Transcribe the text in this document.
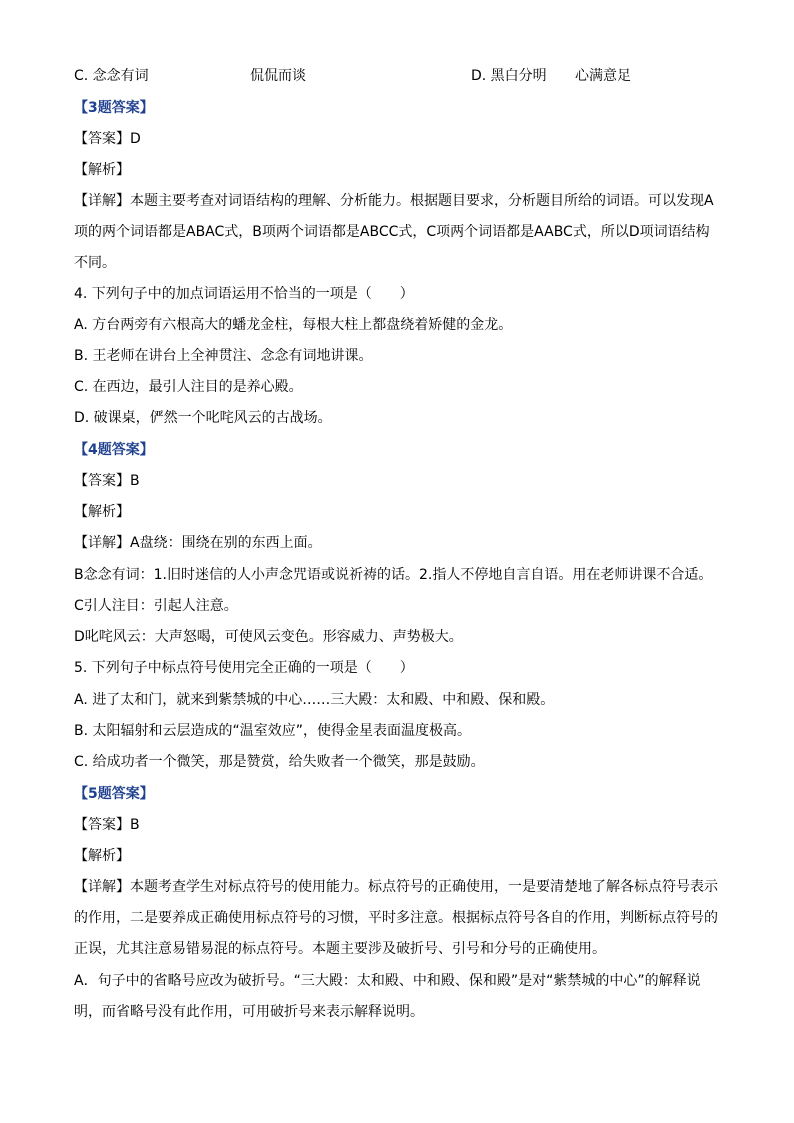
C. 念念有词	侃侃而谈	D. 黑白分明 心满意足
【3题答案】
【答案】D
【解析】
【详解】本题主要考查对词语结构的理解、分析能力。根据题目要求，分析题目所给的词语。可以发现A项的两个词语都是ABAC式，B项两个词语都是ABCC式，C项两个词语都是AABC式，所以D项词语结构不同。
4. 下列句子中的加点词语运用不恰当的一项是（　　）
A. 方台两旁有六根高大的蟠龙金柱，每根大柱上都盘绕着矫健的金龙。
B. 王老师在讲台上全神贯注、念念有词地讲课。
C. 在西边，最引人注目的是养心殿。
D. 破课桌，俨然一个叱咤风云的古战场。
【4题答案】
【答案】B
【解析】
【详解】A盘绕：围绕在别的东西上面。
B念念有词：1.旧时迷信的人小声念咒语或说祈祷的话。2.指人不停地自言自语。用在老师讲课不合适。
C引人注目：引起人注意。
D叱咤风云：大声怒喝，可使风云变色。形容威力、声势极大。
5. 下列句子中标点符号使用完全正确的一项是（　　）
A. 进了太和门，就来到紫禁城的中心……三大殿：太和殿、中和殿、保和殿。
B. 太阳辐射和云层造成的“温室效应”，使得金星表面温度极高。
C. 给成功者一个微笑，那是赞赏，给失败者一个微笑，那是鼓励。
【5题答案】
【答案】B
【解析】
【详解】本题考查学生对标点符号的使用能力。标点符号的正确使用，一是要清楚地了解各标点符号表示的作用，二是要养成正确使用标点符号的习惯，平时多注意。根据标点符号各自的作用，判断标点符号的正误，尤其注意易错易混的标点符号。本题主要涉及破折号、引号和分号的正确使用。
A．句子中的省略号应改为破折号。“三大殿：太和殿、中和殿、保和殿”是对“紫禁城的中心”的解释说明，而省略号没有此作用，可用破折号来表示解释说明。
